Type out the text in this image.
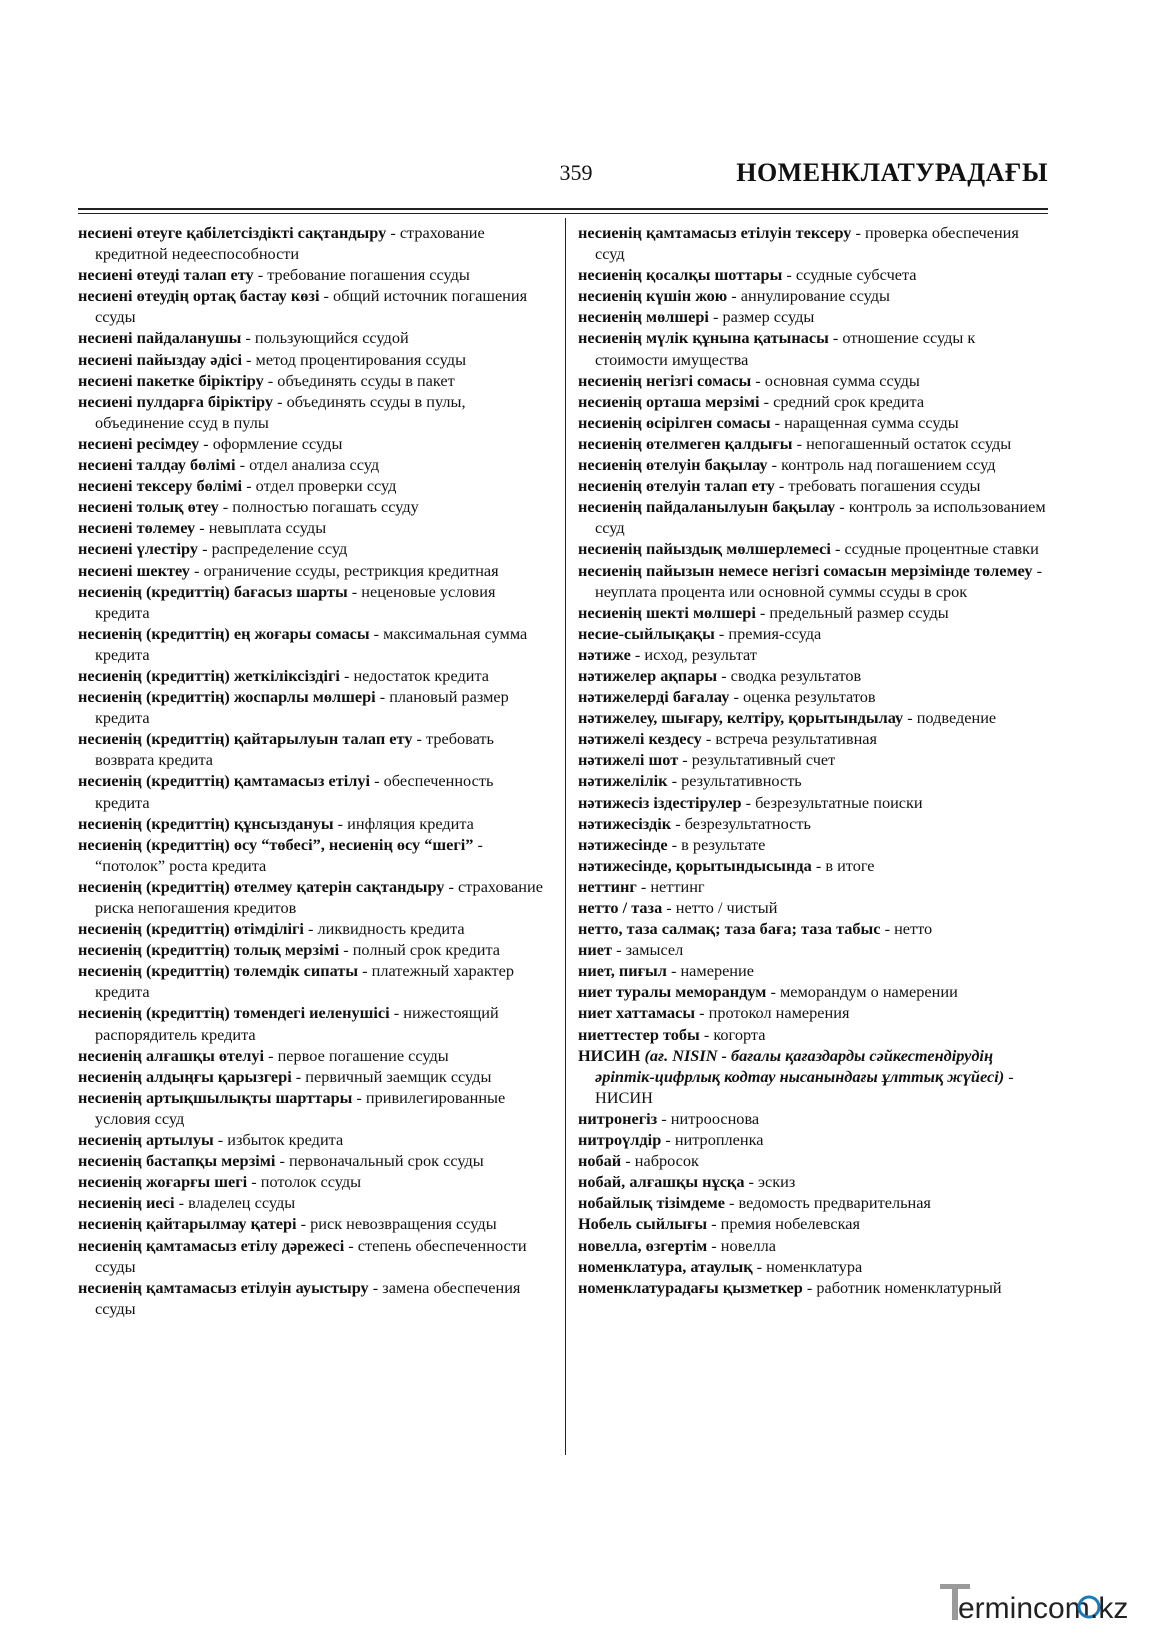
359	НОМЕНКЛАТУРАДАҒЫ

несиені өтеуге қабілетсіздікті сақтандыру - страхование кредитной недееспособности

несиені өтеуді талап ету - требование погашения ссуды

несиені өтеудің ортақ бастау көзі - общий источник погашения ссуды

несиені пайдаланушы - пользующийся ссудой

несиені пайыздау әдісі - метод процентирования ссуды

несиені пакетке біріктіру - объединять ссуды в пакет

несиені пулдарға біріктіру - объединять ссуды в пулы, объединение ссуд в пулы

несиені ресімдеу - оформление ссуды

несиені талдау бөлімі - отдел анализа ссуд

несиені тексеру бөлімі - отдел проверки ссуд

несиені толық өтеу - полностью погашать ссуду

несиені төлемеу - невыплата ссуды

несиені үлестіру - распределение ссуд

несиені шектеу - ограничение ссуды, рестрикция кредитная

несиенің (кредиттің) бағасыз шарты - неценовые условия кредита

несиенің (кредиттің) ең жоғары сомасы - максимальная сумма кредита

несиенің (кредиттің) жеткіліксіздігі - недостаток кредита

несиенің (кредиттің) жоспарлы мөлшері - плановый размер кредита

несиенің (кредиттің) қайтарылуын талап ету - требовать возврата кредита

несиенің (кредиттің) қамтамасыз етілуі - обеспеченность кредита

несиенің (кредиттің) құнсыздануы - инфляция кредита

несиенің (кредиттің) өсу “төбесі”, несиенің өсу “шегі” - “потолок” роста кредита

несиенің (кредиттің) өтелмеу қатерін сақтандыру - страхование риска непогашения кредитов

несиенің (кредиттің) өтімділігі - ликвидность кредита

несиенің (кредиттің) толық мерзімі - полный срок кредита

несиенің (кредиттің) төлемдік сипаты - платежный характер кредита

несиенің (кредиттің) төмендегі иеленушісі - нижестоящий распорядитель кредита

несиенің алғашқы өтелуі - первое погашение ссуды

несиенің алдыңғы қарызгері - первичный заемщик ссуды

несиенің артықшылықты шарттары - привилегированные условия ссуд

несиенің артылуы - избыток кредита

несиенің бастапқы мерзімі - первоначальный срок ссуды

несиенің жоғарғы шегі - потолок ссуды

несиенің иесі - владелец ссуды

несиенің қайтарылмау қатері - риск невозвращения ссуды

несиенің қамтамасыз етілу дәрежесі - степень обеспеченности ссуды

несиенің қамтамасыз етілуін ауыстыру - замена обеспечения ссуды

несиенің қамтамасыз етілуін тексеру - проверка обеспечения ссуд

несиенің қосалқы шоттары - ссудные субсчета

несиенің күшін жою - аннулирование ссуды

несиенің мөлшері - размер ссуды

несиенің мүлік құнына қатынасы - отношение ссуды к стоимости имущества

несиенің негізгі сомасы - основная сумма ссуды

несиенің орташа мерзімі - средний срок кредита

несиенің өсірілген сомасы - наращенная сумма ссуды

несиенің өтелмеген қалдығы - непогашенный остаток ссуды

несиенің өтелуін бақылау - контроль над погашением ссуд

несиенің өтелуін талап ету - требовать погашения ссуды

несиенің пайдаланылуын бақылау - контроль за использованием ссуд

несиенің пайыздық мөлшерлемесі - ссудные процентные ставки

несиенің пайызын немесе негізгі сомасын мерзімінде төлемеу - неуплата процента или основной суммы ссуды в срок

несиенің шекті мөлшері - предельный размер ссуды

несие-сыйлықақы - премия-ссуда

нәтиже - исход, результат

нәтижелер ақпары - сводка результатов

нәтижелерді бағалау - оценка результатов

нәтижелеу, шығару, келтіру, қорытындылау - подведение

нәтижелі кездесу - встреча результативная

нәтижелі шот - результативный счет

нәтижелілік - результативность

нәтижесіз іздестірулер - безрезультатные поиски

нәтижесіздік - безрезультатность

нәтижесінде - в результате

нәтижесінде, қорытындысында - в итоге

неттинг - неттинг

нетто / таза - нетто / чистый

нетто, таза салмақ; таза баға; таза табыс - нетто

ниет - замысел

ниет, пиғыл - намерение

ниет туралы меморандум - меморандум о намерении

ниет хаттамасы - протокол намерения

ниеттестер тобы - когорта

НИСИН (ағ. NISIN - бағалы қағаздарды сәйкестендірудің әріптік-цифрлық кодтау нысанындағы ұлттық жүйесі) - НИСИН

нитронегіз - нитрооснова

нитроүлдір - нитропленка

нобай - набросок

нобай, алғашқы нұсқа - эскиз

нобайлық тізімдеме - ведомость предварительная

Нобель сыйлығы - премия нобелевская

новелла, өзгертім - новелла

номенклатура, атаулық - номенклатура

номенклатурадағы қызметкер - работник номенклатурный

ermincom .kz
